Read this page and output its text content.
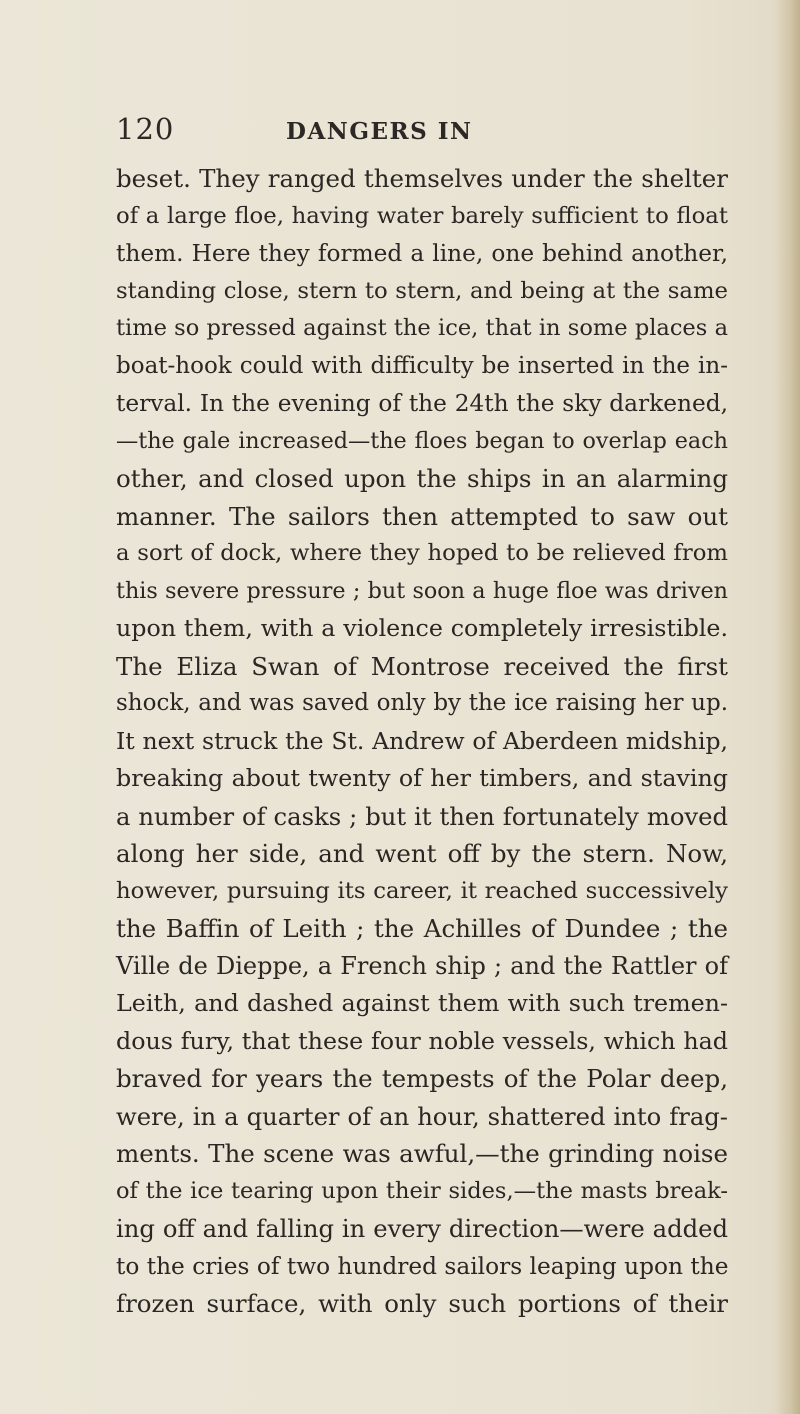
120	DANGERS IN
beset. They ranged themselves under the shelter
of a large floe, having water barely sufficient to float
them. Here they formed a line, one behind another,
standing close, stern to stern, and being at the same
time so pressed against the ice, that in some places a
boat-hook could with difficulty be inserted in the in-
terval. In the evening of the 24th the sky darkened,
—the gale increased—the floes began to overlap each
other, and closed upon the ships in an alarming
manner. The sailors then attempted to saw out
a sort of dock, where they hoped to be relieved from
this severe pressure ; but soon a huge floe was driven
upon them, with a violence completely irresistible.
The Eliza Swan of Montrose received the first
shock, and was saved only by the ice raising her up.
It next struck the St. Andrew of Aberdeen midship,
breaking about twenty of her timbers, and staving
a number of casks ; but it then fortunately moved
along her side, and went off by the stern. Now,
however, pursuing its career, it reached successively
the Baffin of Leith ; the Achilles of Dundee ; the
Ville de Dieppe, a French ship ; and the Rattler of
Leith, and dashed against them with such tremen-
dous fury, that these four noble vessels, which had
braved for years the tempests of the Polar deep,
were, in a quarter of an hour, shattered into frag-
ments. The scene was awful,—the grinding noise
of the ice tearing upon their sides,—the masts break-
ing off and falling in every direction—were added
to the cries of two hundred sailors leaping upon the
frozen surface, with only such portions of their
